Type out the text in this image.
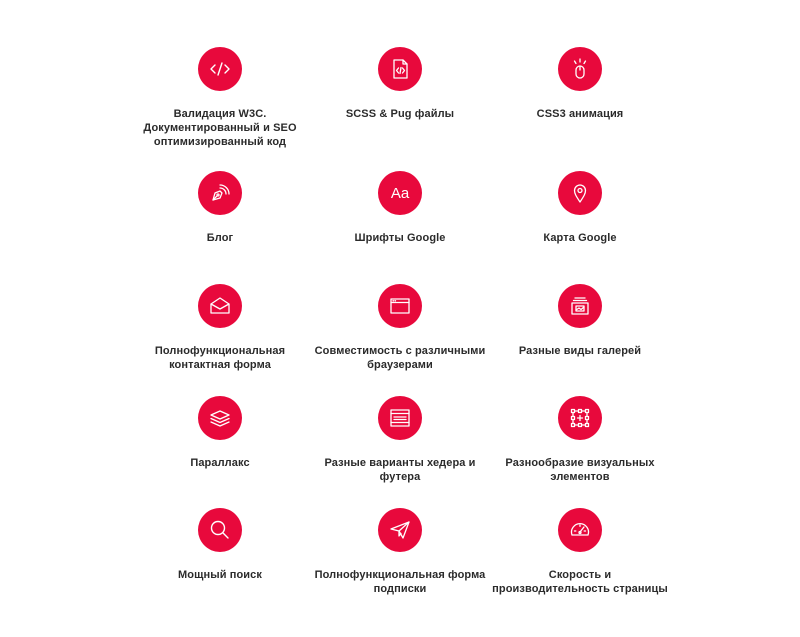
Валидация W3C. Документированный и SEO оптимизированный код
SCSS & Pug файлы	CSS3 анимация
Блог
Aa
Шрифты Google	Карта Google
Полнофункциональная контактная форма
Совместимость с различными браузерами
Разные виды галерей
Параллакс	Разные варианты хедера и футера
Разнообразие визуальных элементов
Мощный поиск	Полнофункциональная форма подписки
Скорость и производительность страницы
